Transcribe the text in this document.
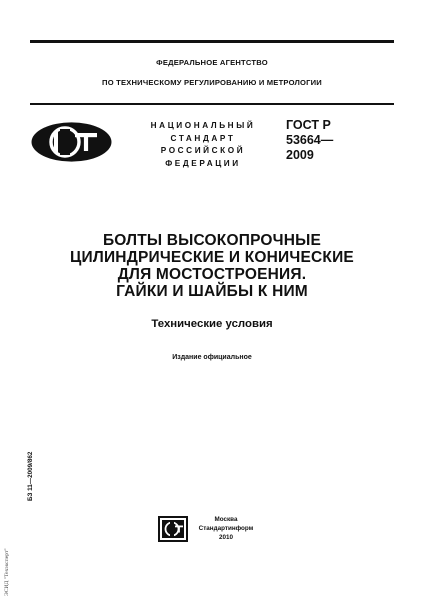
ФЕДЕРАЛЬНОЕ АГЕНТСТВО
ПО ТЕХНИЧЕСКОМУ РЕГУЛИРОВАНИЮ И МЕТРОЛОГИИ
НАЦИОНАЛЬНЫЙ
СТАНДАРТ
РОССИЙСКОЙ
ФЕДЕРАЦИИ
ГОСТ Р
53664—
2009
БОЛТЫ ВЫСОКОПРОЧНЫЕ
ЦИЛИНДРИЧЕСКИЕ И КОНИЧЕСКИЕ
ДЛЯ МОСТОСТРОЕНИЯ.
ГАЙКИ И ШАЙБЫ К НИМ
Технические условия
Издание официальное
БЗ 11—2009/862
ЭСИД "Техэксперт"
Москва
Стандартинформ
2010
